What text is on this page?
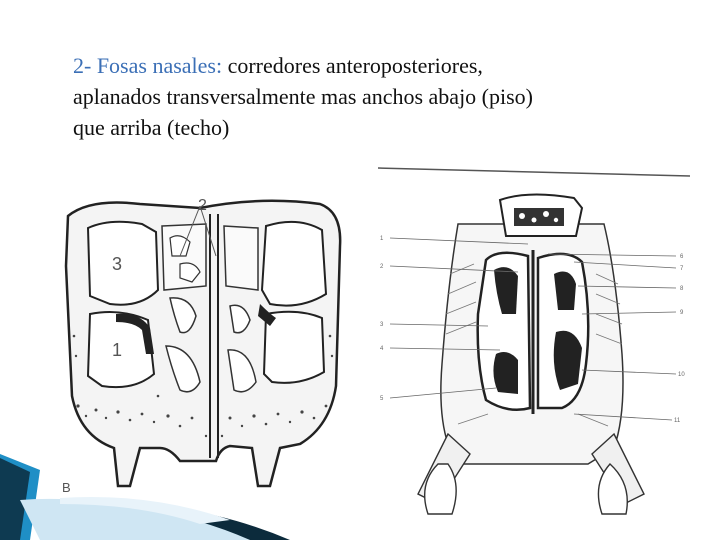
2- Fosas nasales: corredores anteroposteriores,
aplanados transversalmente mas anchos abajo (piso)
que arriba (techo)
2
3
1
B
1
2
3
4
5
6
7
8
9
10
11
